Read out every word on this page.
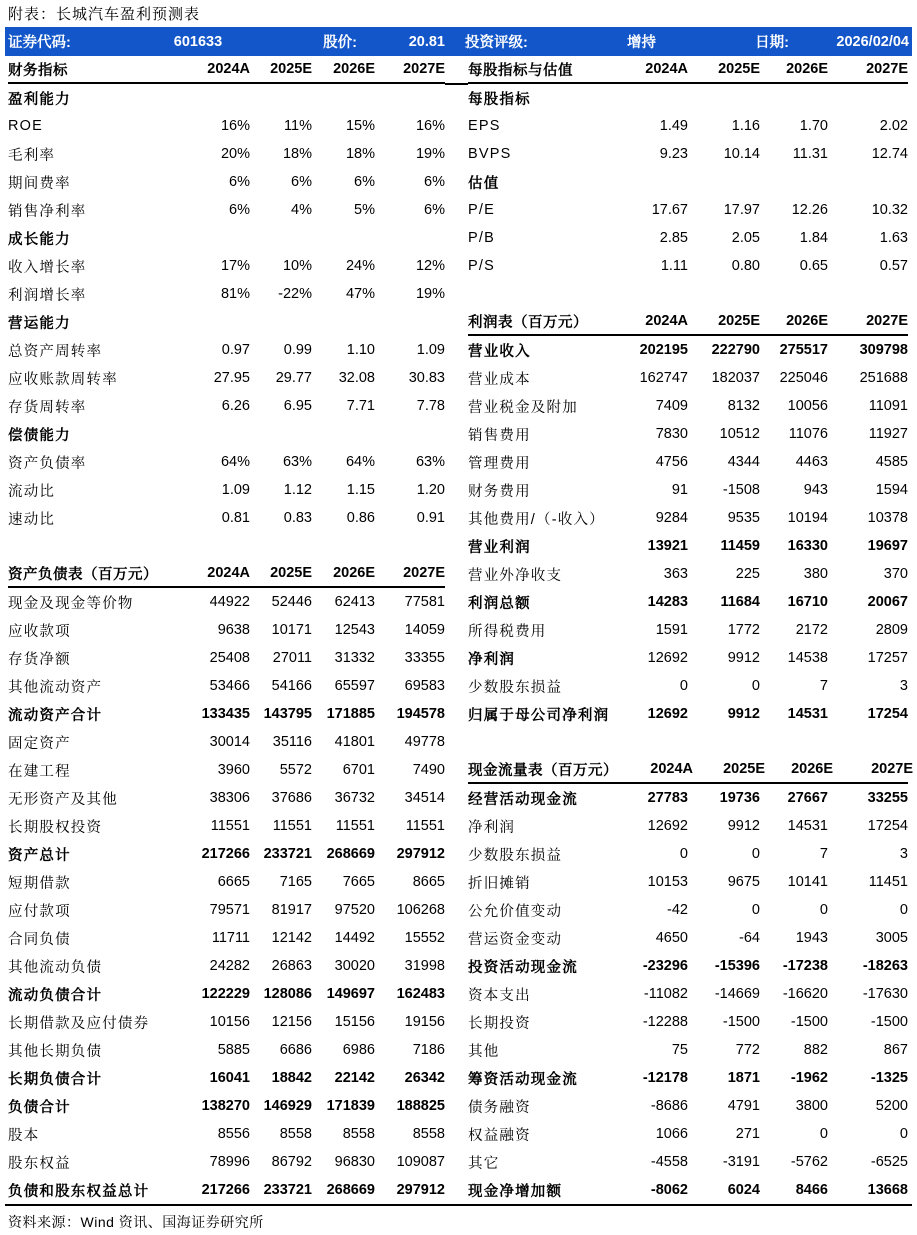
附表：长城汽车盈利预测表
证券代码:	601633	股价:	20.81 投资评级:	增持	日期:	2026/02/04
财务指标	2024A	2025E	2026E	2027E
盈利能力
ROE	16%	11%	15%	16%
毛利率	20%	18%	18%	19%
期间费率	6%	6%	6%	6%
销售净利率	6%	4%	5%	6%
成长能力
收入增长率	17%	10%	24%	12%
利润增长率	81%	-22%	47%	19%
营运能力
总资产周转率	0.97	0.99	1.10	1.09
应收账款周转率	27.95	29.77	32.08	30.83
存货周转率	6.26	6.95	7.71	7.78
偿债能力
资产负债率	64%	63%	64%	63%
流动比	1.09	1.12	1.15	1.20
速动比	0.81	0.83	0.86	0.91
资产负债表（百万元）	2024A	2025E	2026E	2027E
现金及现金等价物	44922	52446	62413	77581
应收款项	9638	10171	12543	14059
存货净额	25408	27011	31332	33355
其他流动资产	53466	54166	65597	69583
流动资产合计	133435 143795	171885	194578
固定资产	30014	35116	41801	49778
在建工程	3960	5572	6701	7490
无形资产及其他	38306	37686	36732	34514
长期股权投资	11551	11551	11551	11551
资产总计	217266 233721	268669	297912
短期借款	6665	7165	7665	8665
应付款项	79571	81917	97520	106268
合同负债	11711	12142	14492	15552
其他流动负债	24282	26863	30020	31998
流动负债合计	122229 128086	149697	162483
长期借款及应付债券	10156	12156	15156	19156
其他长期负债	5885	6686	6986	7186
长期负债合计	16041	18842	22142	26342
负债合计	138270 146929	171839	188825
股本	8556	8558	8558	8558
股东权益	78996	86792	96830	109087
负债和股东权益总计	217266 233721	268669	297912
每股指标与估值	2024A	2025E	2026E	2027E
每股指标
EPS	1.49	1.16	1.70	2.02
BVPS	9.23	10.14	11.31	12.74
估值
P/E	17.67	17.97	12.26	10.32
P/B	2.85	2.05	1.84	1.63
P/S	1.11	0.80	0.65	0.57
利润表（百万元）	2024A	2025E	2026E	2027E
营业收入	202195	222790	275517	309798
营业成本	162747	182037	225046	251688
营业税金及附加	7409	8132	10056	11091
销售费用	7830	10512	11076	11927
管理费用	4756	4344	4463	4585
财务费用	91	-1508	943	1594
其他费用/（-收入）	9284	9535	10194	10378
营业利润	13921	11459	16330	19697
营业外净收支	363	225	380	370
利润总额	14283	11684	16710	20067
所得税费用	1591	1772	2172	2809
净利润	12692	9912	14538	17257
少数股东损益	0	0	7	3
归属于母公司净利润	12692	9912	14531	17254
现金流量表（百万元）	2024A	2025E	2026E	2027E
经营活动现金流	27783	19736	27667	33255
净利润	12692	9912	14531	17254
少数股东损益	0	0	7	3
折旧摊销	10153	9675	10141	11451
公允价值变动	-42	0	0	0
营运资金变动	4650	-64	1943	3005
投资活动现金流	-23296	-15396	-17238	-18263
资本支出	-11082	-14669	-16620	-17630
长期投资	-12288	-1500	-1500	-1500
其他	75	772	882	867
筹资活动现金流	-12178	1871	-1962	-1325
债务融资	-8686	4791	3800	5200
权益融资	1066	271	0	0
其它	-4558	-3191	-5762	-6525
现金净增加额	-8062	6024	8466	13668
资料来源：Wind 资讯、国海证券研究所
